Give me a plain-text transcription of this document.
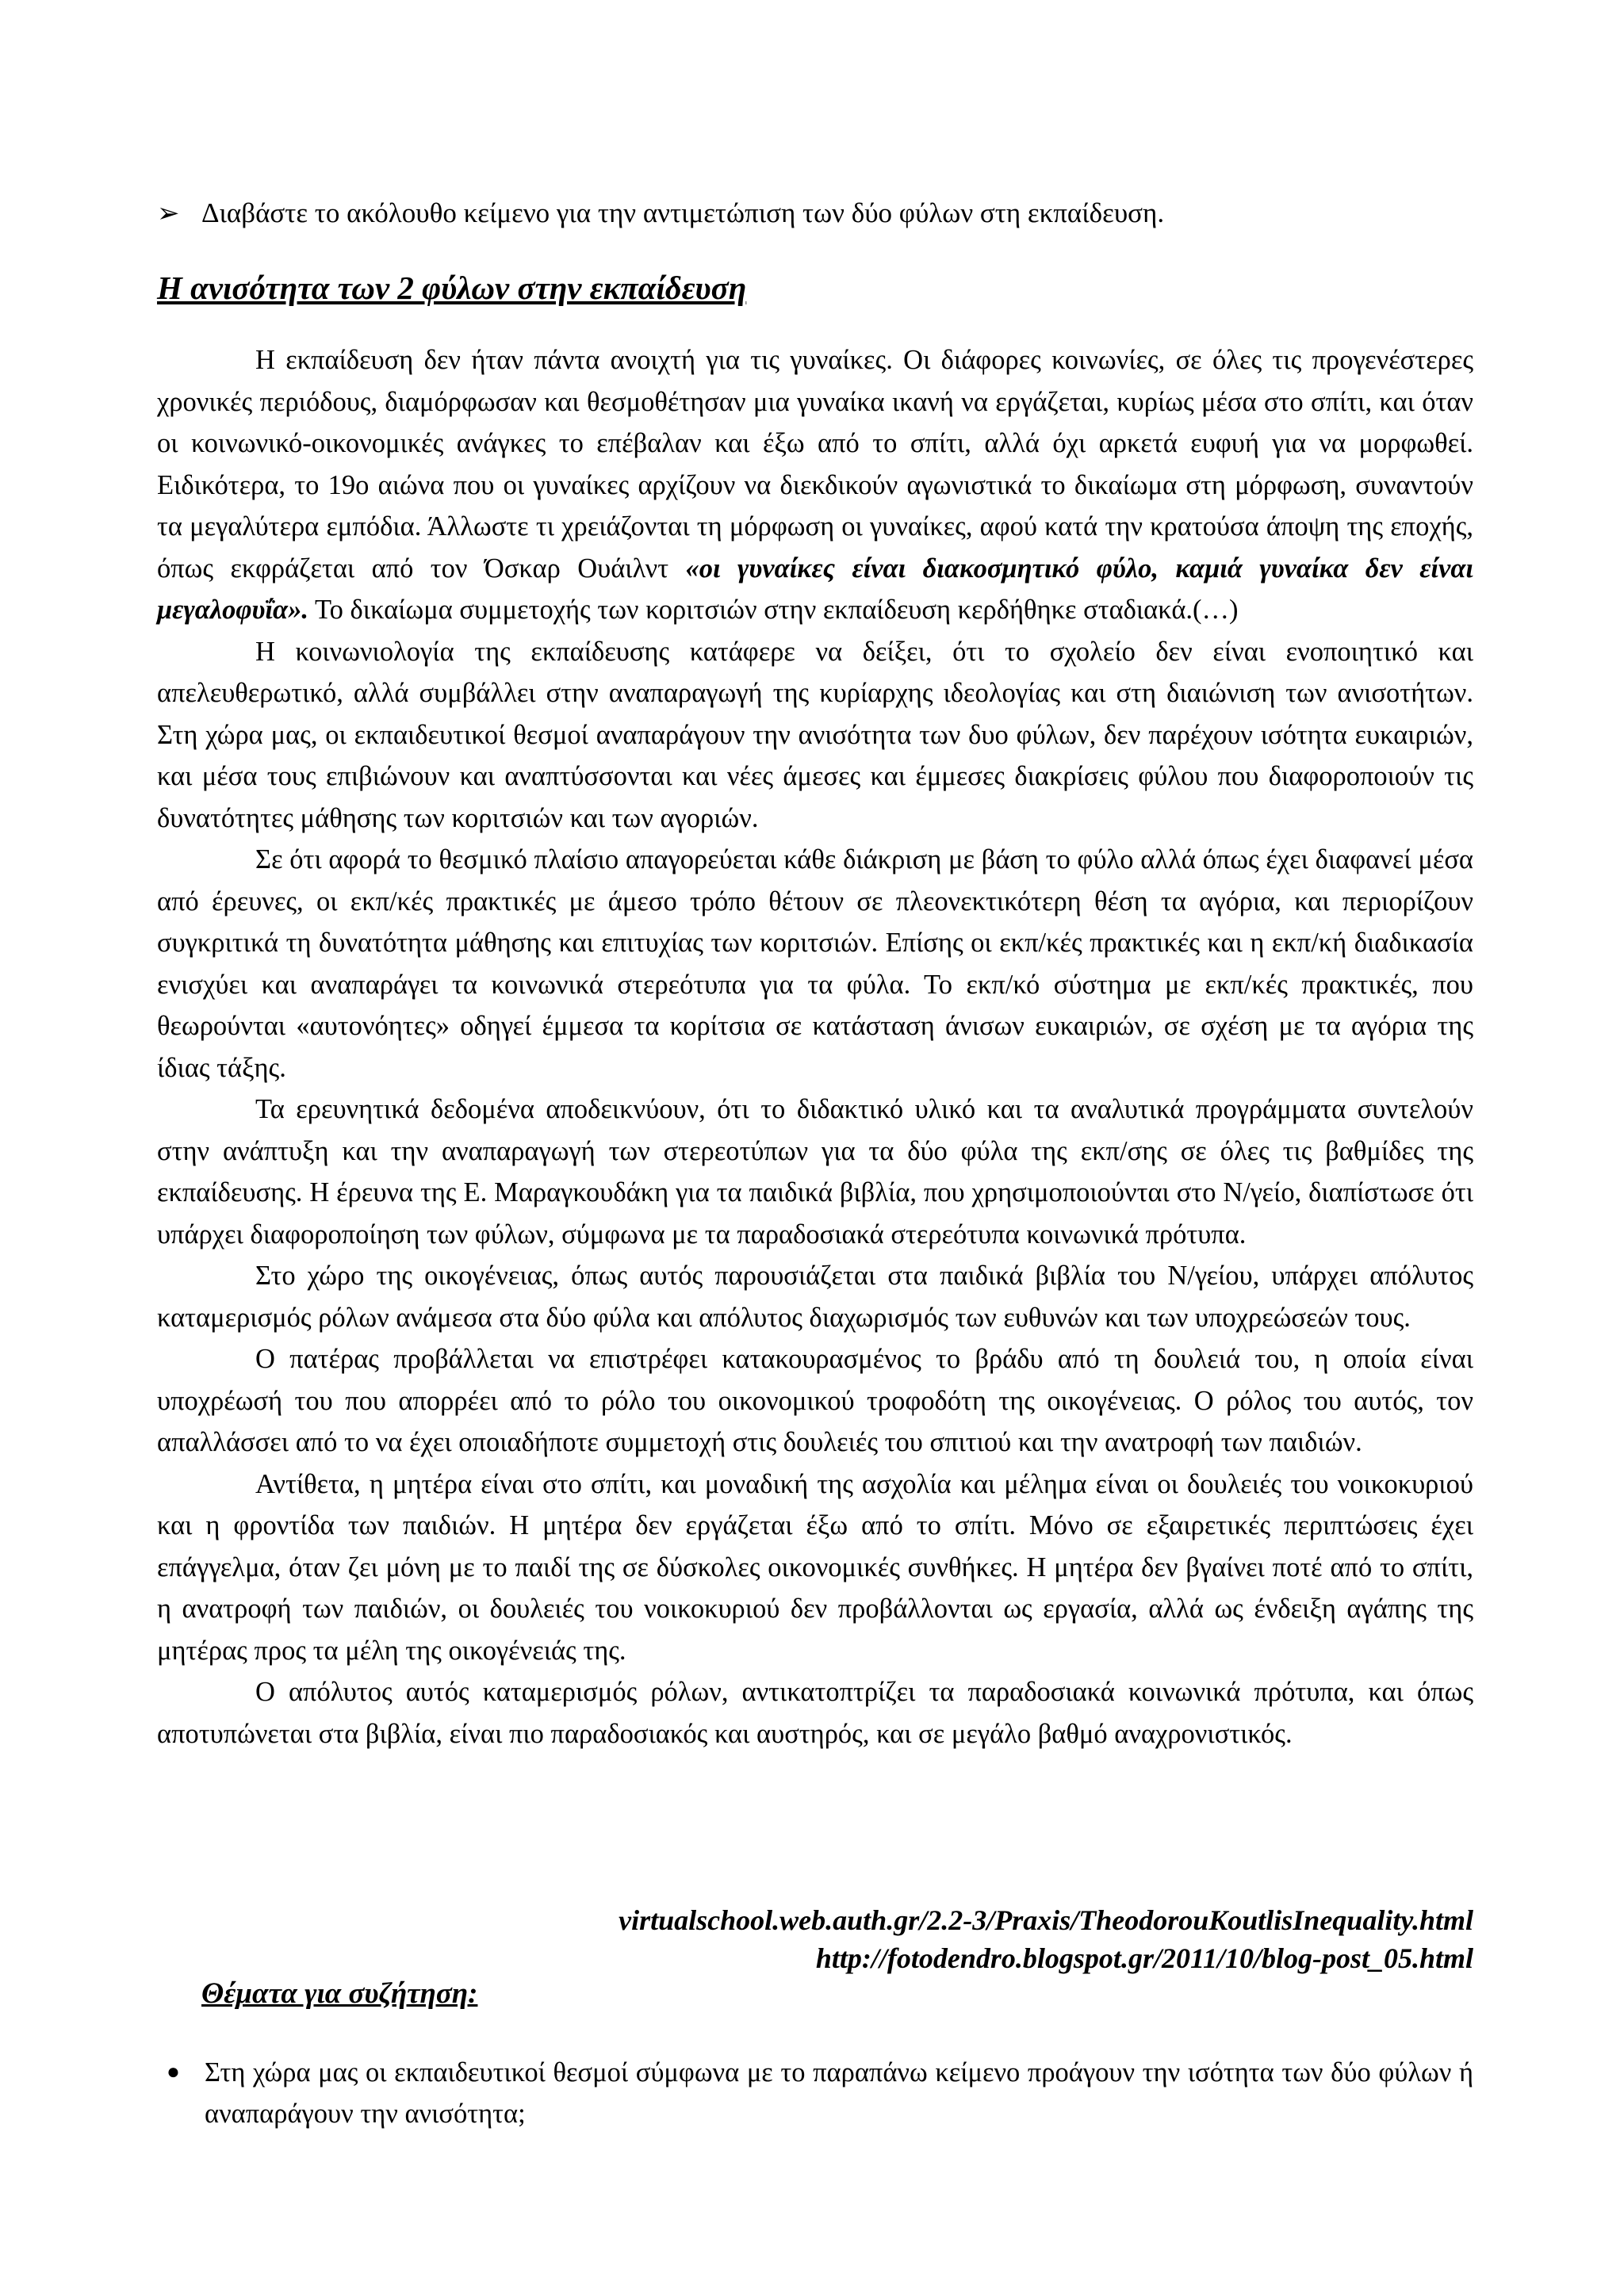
➢ Διαβάστε το ακόλουθο κείμενο για την αντιμετώπιση των δύο φύλων στη εκπαίδευση.
Η ανισότητα των 2 φύλων στην εκπαίδευση

Η εκπαίδευση δεν ήταν πάντα ανοιχτή για τις γυναίκες. Οι διάφορες κοινωνίες, σε όλες τις προγενέστερες χρονικές περιόδους, διαμόρφωσαν και θεσμοθέτησαν μια γυναίκα ικανή να εργάζεται, κυρίως μέσα στο σπίτι, και όταν οι κοινωνικό-οικονομικές ανάγκες το επέβαλαν και έξω από το σπίτι, αλλά όχι αρκετά ευφυή για να μορφωθεί. Ειδικότερα, το 19ο αιώνα που οι γυναίκες αρχίζουν να διεκδικούν αγωνιστικά το δικαίωμα στη μόρφωση, συναντούν τα μεγαλύτερα εμπόδια. Άλλωστε τι χρειάζονται τη μόρφωση οι γυναίκες, αφού κατά την κρατούσα άποψη της εποχής, όπως εκφράζεται από τον Όσκαρ Ουάιλντ «οι γυναίκες είναι διακοσμητικό φύλο, καμιά γυναίκα δεν είναι μεγαλοφυΐα». Το δικαίωμα συμμετοχής των κοριτσιών στην εκπαίδευση κερδήθηκε σταδιακά.(…)

Η κοινωνιολογία της εκπαίδευσης κατάφερε να δείξει, ότι το σχολείο δεν είναι ενοποιητικό και απελευθερωτικό, αλλά συμβάλλει στην αναπαραγωγή της κυρίαρχης ιδεολογίας και στη διαιώνιση των ανισοτήτων. Στη χώρα μας, οι εκπαιδευτικοί θεσμοί αναπαράγουν την ανισότητα των δυο φύλων, δεν παρέχουν ισότητα ευκαιριών, και μέσα τους επιβιώνουν και αναπτύσσονται και νέες άμεσες και έμμεσες διακρίσεις φύλου που διαφοροποιούν τις δυνατότητες μάθησης των κοριτσιών και των αγοριών.

Σε ότι αφορά το θεσμικό πλαίσιο απαγορεύεται κάθε διάκριση με βάση το φύλο αλλά όπως έχει διαφανεί μέσα από έρευνες, οι εκπ/κές πρακτικές με άμεσο τρόπο θέτουν σε πλεονεκτικότερη θέση τα αγόρια, και περιορίζουν συγκριτικά τη δυνατότητα μάθησης και επιτυχίας των κοριτσιών. Επίσης οι εκπ/κές πρακτικές και η εκπ/κή διαδικασία ενισχύει και αναπαράγει τα κοινωνικά στερεότυπα για τα φύλα. Το εκπ/κό σύστημα με εκπ/κές πρακτικές, που θεωρούνται «αυτονόητες» οδηγεί έμμεσα τα κορίτσια σε κατάσταση άνισων ευκαιριών, σε σχέση με τα αγόρια της ίδιας τάξης.

Τα ερευνητικά δεδομένα αποδεικνύουν, ότι το διδακτικό υλικό και τα αναλυτικά προγράμματα συντελούν στην ανάπτυξη και την αναπαραγωγή των στερεοτύπων για τα δύο φύλα της εκπ/σης σε όλες τις βαθμίδες της εκπαίδευσης. Η έρευνα της Ε. Μαραγκουδάκη για τα παιδικά βιβλία, που χρησιμοποιούνται στο Ν/γείο, διαπίστωσε ότι υπάρχει διαφοροποίηση των φύλων, σύμφωνα με τα παραδοσιακά στερεότυπα κοινωνικά πρότυπα.

Στο χώρο της οικογένειας, όπως αυτός παρουσιάζεται στα παιδικά βιβλία του Ν/γείου, υπάρχει απόλυτος καταμερισμός ρόλων ανάμεσα στα δύο φύλα και απόλυτος διαχωρισμός των ευθυνών και των υποχρεώσεών τους.

Ο πατέρας προβάλλεται να επιστρέφει κατακουρασμένος το βράδυ από τη δουλειά του, η οποία είναι υποχρέωσή του που απορρέει από το ρόλο του οικονομικού τροφοδότη της οικογένειας. Ο ρόλος του αυτός, τον απαλλάσσει από το να έχει οποιαδήποτε συμμετοχή στις δουλειές του σπιτιού και την ανατροφή των παιδιών.

Αντίθετα, η μητέρα είναι στο σπίτι, και μοναδική της ασχολία και μέλημα είναι οι δουλειές του νοικοκυριού και η φροντίδα των παιδιών. Η μητέρα δεν εργάζεται έξω από το σπίτι. Μόνο σε εξαιρετικές περιπτώσεις έχει επάγγελμα, όταν ζει μόνη με το παιδί της σε δύσκολες οικονομικές συνθήκες. Η μητέρα δεν βγαίνει ποτέ από το σπίτι, η ανατροφή των παιδιών, οι δουλειές του νοικοκυριού δεν προβάλλονται ως εργασία, αλλά ως ένδειξη αγάπης της μητέρας προς τα μέλη της οικογένειάς της.

Ο απόλυτος αυτός καταμερισμός ρόλων, αντικατοπτρίζει τα παραδοσιακά κοινωνικά πρότυπα, και όπως αποτυπώνεται στα βιβλία, είναι πιο παραδοσιακός και αυστηρός, και σε μεγάλο βαθμό αναχρονιστικός.

virtualschool.web.auth.gr/2.2-3/Praxis/TheodorouKoutlisInequality.html
http://fotodendro.blogspot.gr/2011/10/blog-post_05.html
Θέματα για συζήτηση:
● Στη χώρα μας οι εκπαιδευτικοί θεσμοί σύμφωνα με το παραπάνω κείμενο προάγουν την ισότητα των δύο φύλων ή αναπαράγουν την ανισότητα;
